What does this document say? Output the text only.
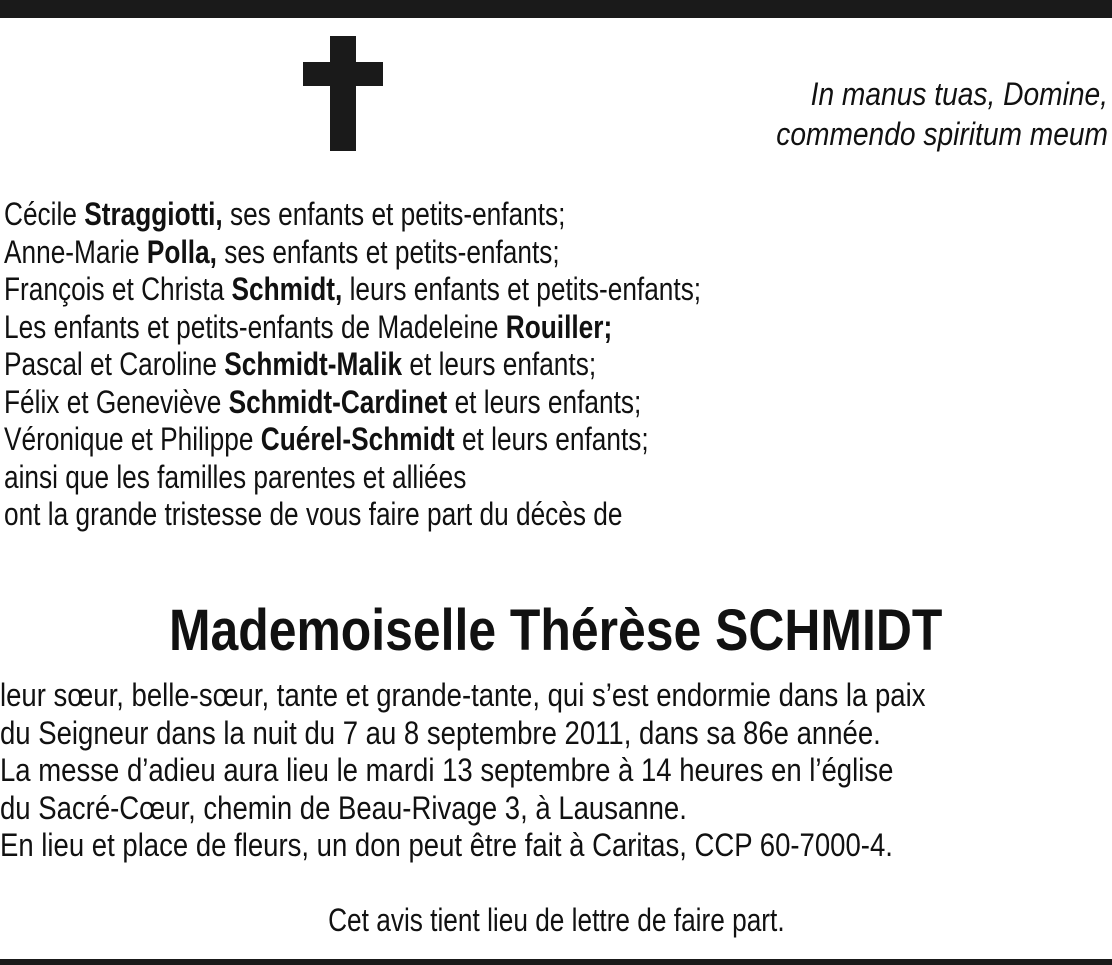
In manus tuas, Domine,
commendo spiritum meum
Cécile Straggiotti, ses enfants et petits-enfants;
Anne-Marie Polla, ses enfants et petits-enfants;
François et Christa Schmidt, leurs enfants et petits-enfants;
Les enfants et petits-enfants de Madeleine Rouiller;
Pascal et Caroline Schmidt-Malik et leurs enfants;
Félix et Geneviève Schmidt-Cardinet et leurs enfants;
Véronique et Philippe Cuérel-Schmidt et leurs enfants;
ainsi que les familles parentes et alliées
ont la grande tristesse de vous faire part du décès de
Mademoiselle Thérèse SCHMIDT
leur sœur, belle-sœur, tante et grande-tante, qui s’est endormie dans la paix
du Seigneur dans la nuit du 7 au 8 septembre 2011, dans sa 86e année.
La messe d’adieu aura lieu le mardi 13 septembre à 14 heures en l’église
du Sacré-Cœur, chemin de Beau-Rivage 3, à Lausanne.
En lieu et place de fleurs, un don peut être fait à Caritas, CCP 60-7000-4.
Cet avis tient lieu de lettre de faire part.
